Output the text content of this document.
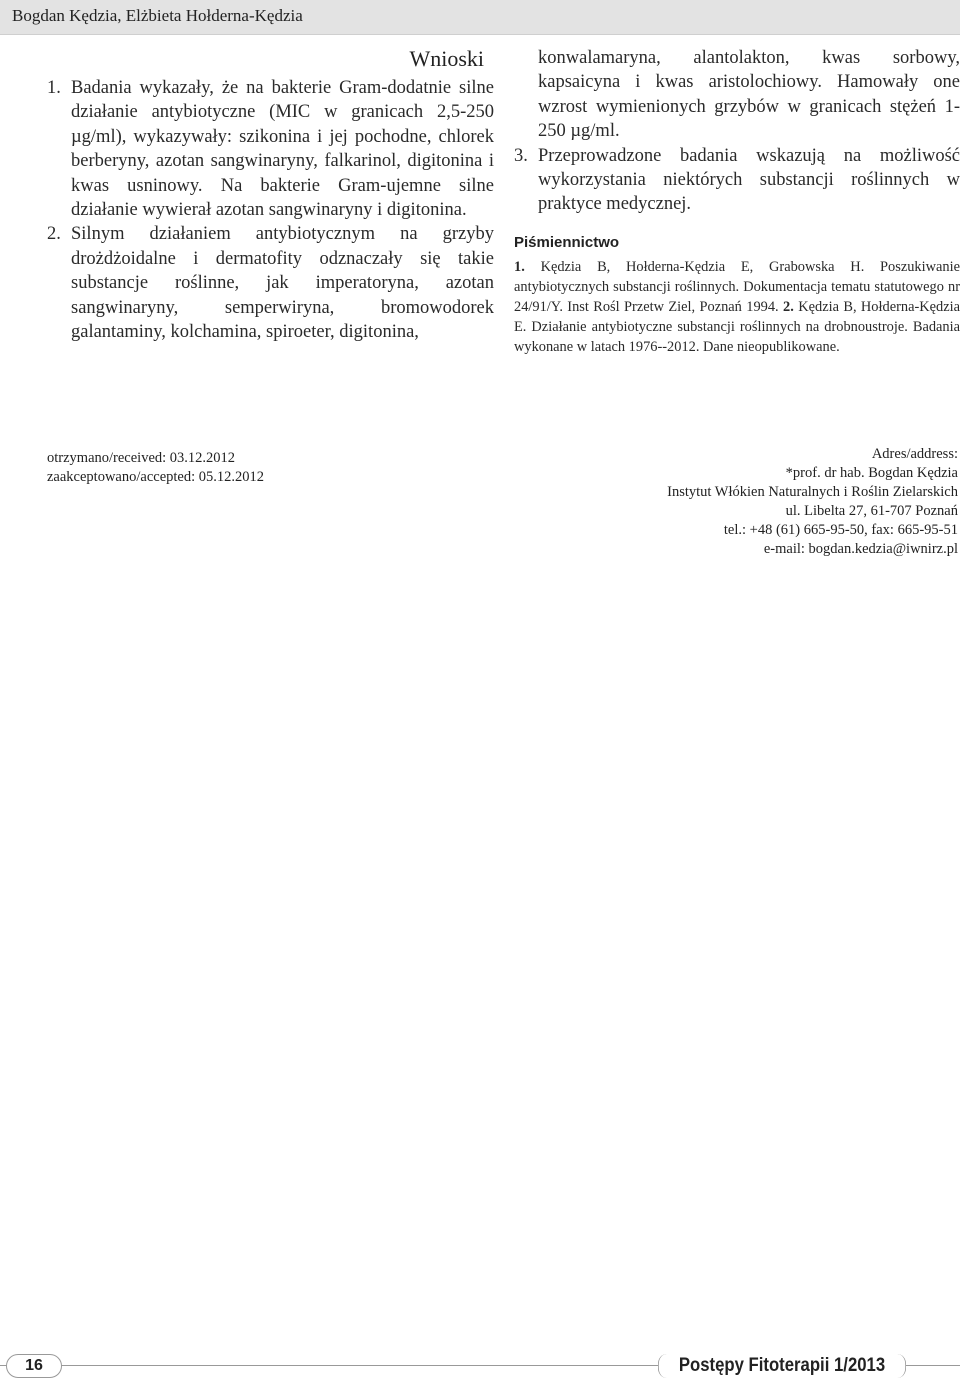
Bogdan Kędzia, Elżbieta Hołderna-Kędzia
Wnioski

1. Badania wykazały, że na bakterie Gram-dodatnie silne działanie antybiotyczne (MIC w granicach 2,5-250 µg/ml), wykazywały: szikonina i jej pochodne, chlorek berberyny, azotan sangwinaryny, falkarinol, digitonina i kwas usninowy. Na bakterie Gram-ujemne silne działanie wywierał azotan sangwinaryny i digitonina.

2. Silnym działaniem antybiotycznym na grzyby drożdżoidalne i dermatofity odznaczały się takie substancje roślinne, jak imperatoryna, azotan sangwinaryny, semperwiryna, bromowodorek galantaminy, kolchamina, spiroeter, digitonina,

konwalamaryna, alantolakton, kwas sorbowy, kapsaicyna i kwas aristolochiowy. Hamowały one wzrost wymienionych grzybów w granicach stężeń 1-250 µg/ml.

3. Przeprowadzone badania wskazują na możliwość wykorzystania niektórych substancji roślinnych w praktyce medycznej.

Piśmiennictwo

1. Kędzia B, Hołderna-Kędzia E, Grabowska H. Poszukiwanie antybiotycznych substancji roślinnych. Dokumentacja tematu statutowego nr 24/91/Y. Inst Rośl Przetw Ziel, Poznań 1994. 2. Kędzia B, Hołderna-Kędzia E. Działanie antybiotyczne substancji roślinnych na drobnoustroje. Badania wykonane w latach 1976--2012. Dane nieopublikowane.

otrzymano/received: 03.12.2012
zaakceptowano/accepted: 05.12.2012
Adres/address:
*prof. dr hab. Bogdan Kędzia
Instytut Włókien Naturalnych i Roślin Zielarskich
ul. Libelta 27, 61-707 Poznań
tel.: +48 (61) 665-95-50, fax: 665-95-51
e-mail: bogdan.kedzia@iwnirz.pl
16	Postępy Fitoterapii 1/2013
